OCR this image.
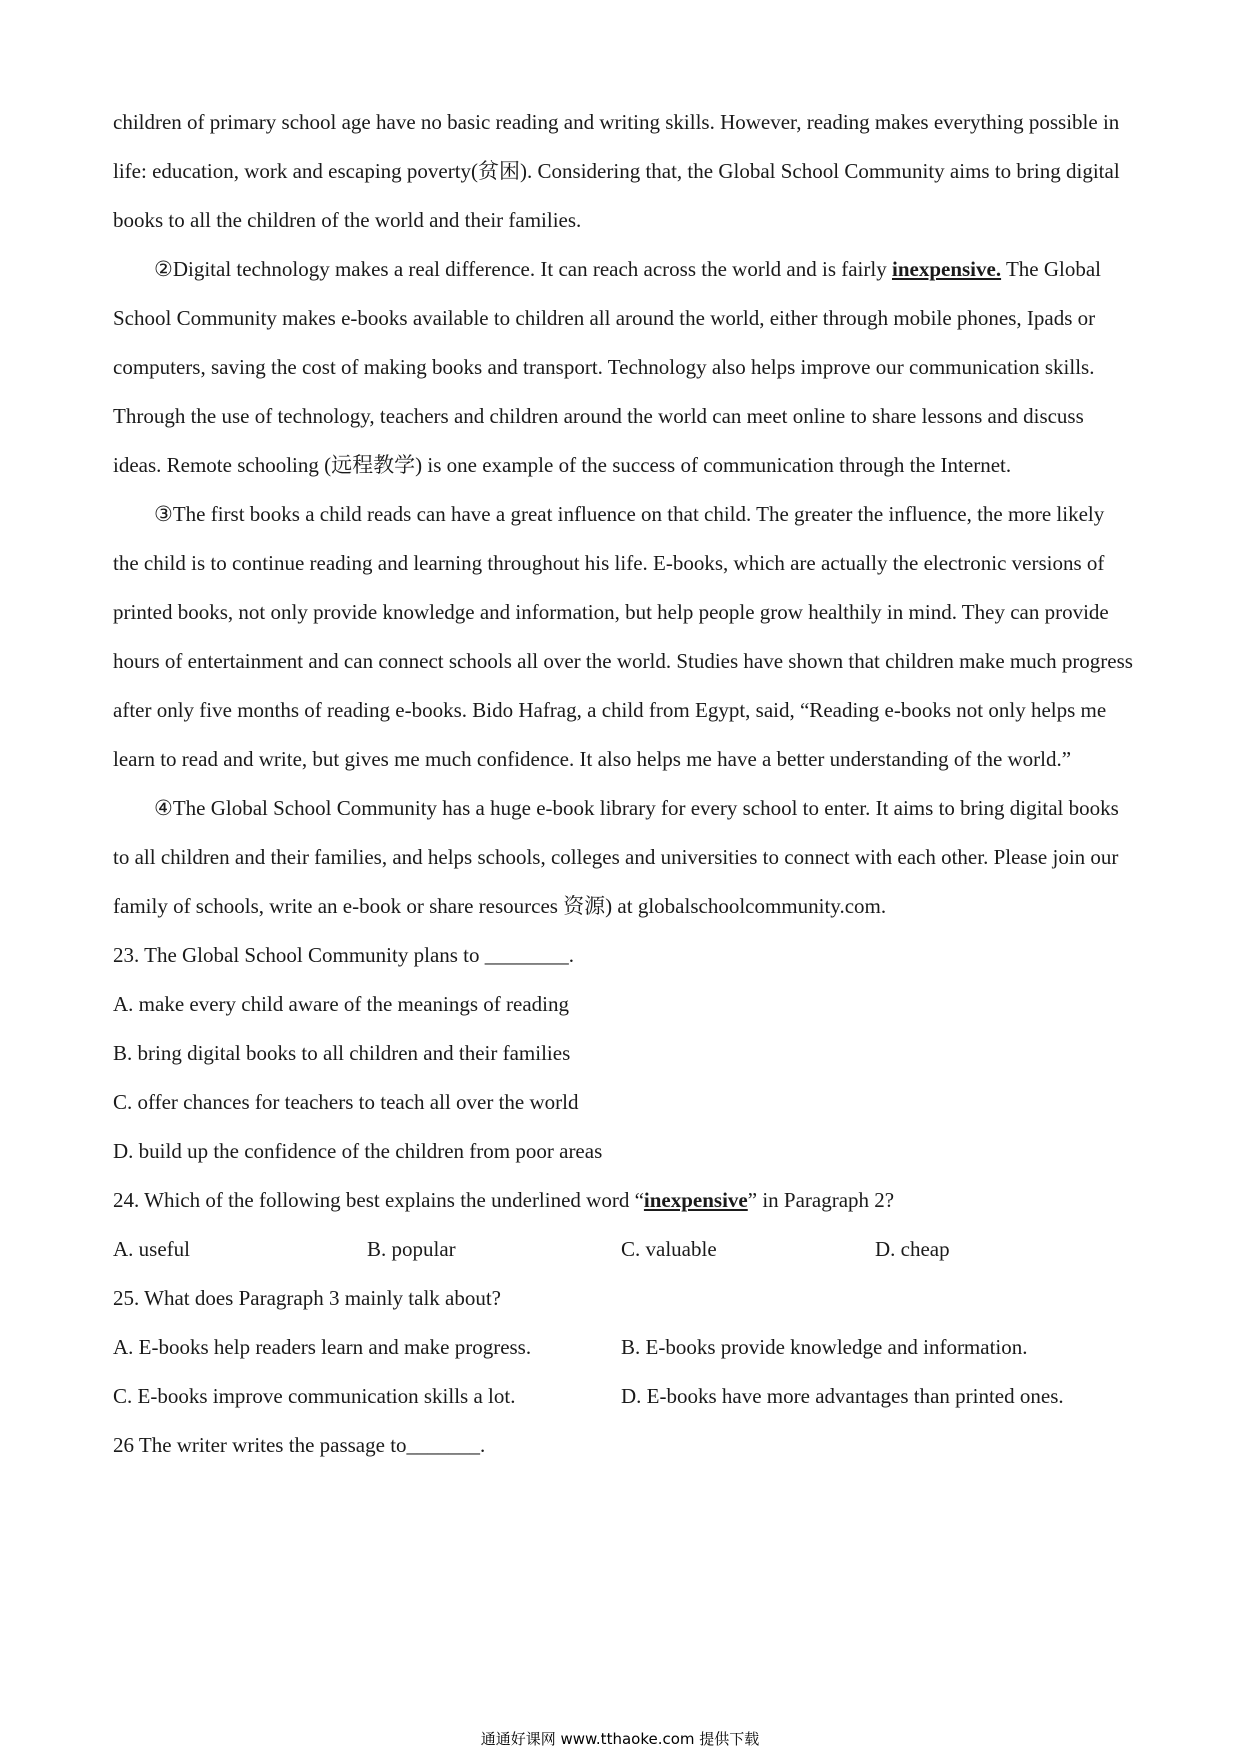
children of primary school age have no basic reading and writing skills. However, reading makes everything possible in life: education, work and escaping poverty(贫困). Considering that, the Global School Community aims to bring digital books to all the children of the world and their families.

②Digital technology makes a real difference. It can reach across the world and is fairly inexpensive. The Global School Community makes e-books available to children all around the world, either through mobile phones, Ipads or computers, saving the cost of making books and transport. Technology also helps improve our communication skills. Through the use of technology, teachers and children around the world can meet online to share lessons and discuss ideas. Remote schooling (远程教学) is one example of the success of communication through the Internet.

③The first books a child reads can have a great influence on that child. The greater the influence, the more likely the child is to continue reading and learning throughout his life. E-books, which are actually the electronic versions of printed books, not only provide knowledge and information, but help people grow healthily in mind. They can provide hours of entertainment and can connect schools all over the world. Studies have shown that children make much progress after only five months of reading e-books. Bido Hafrag, a child from Egypt, said, “Reading e-books not only helps me learn to read and write, but gives me much confidence. It also helps me have a better understanding of the world.”

④The Global School Community has a huge e-book library for every school to enter. It aims to bring digital books to all children and their families, and helps schools, colleges and universities to connect with each other. Please join our family of schools, write an e-book or share resources 资源) at globalschoolcommunity.com.

23. The Global School Community plans to ________.

A. make every child aware of the meanings of reading

B. bring digital books to all children and their families

C. offer chances for teachers to teach all over the world

D. build up the confidence of the children from poor areas

24. Which of the following best explains the underlined word “inexpensive” in Paragraph 2?

A. useful	B. popular	C. valuable	D. cheap

25. What does Paragraph 3 mainly talk about?

A. E-books help readers learn and make progress.	B. E-books provide knowledge and information.
C. E-books improve communication skills a lot.	D. E-books have more advantages than printed ones.

26 The writer writes the passage to_______.

通通好课网 www.tthaoke.com 提供下载
